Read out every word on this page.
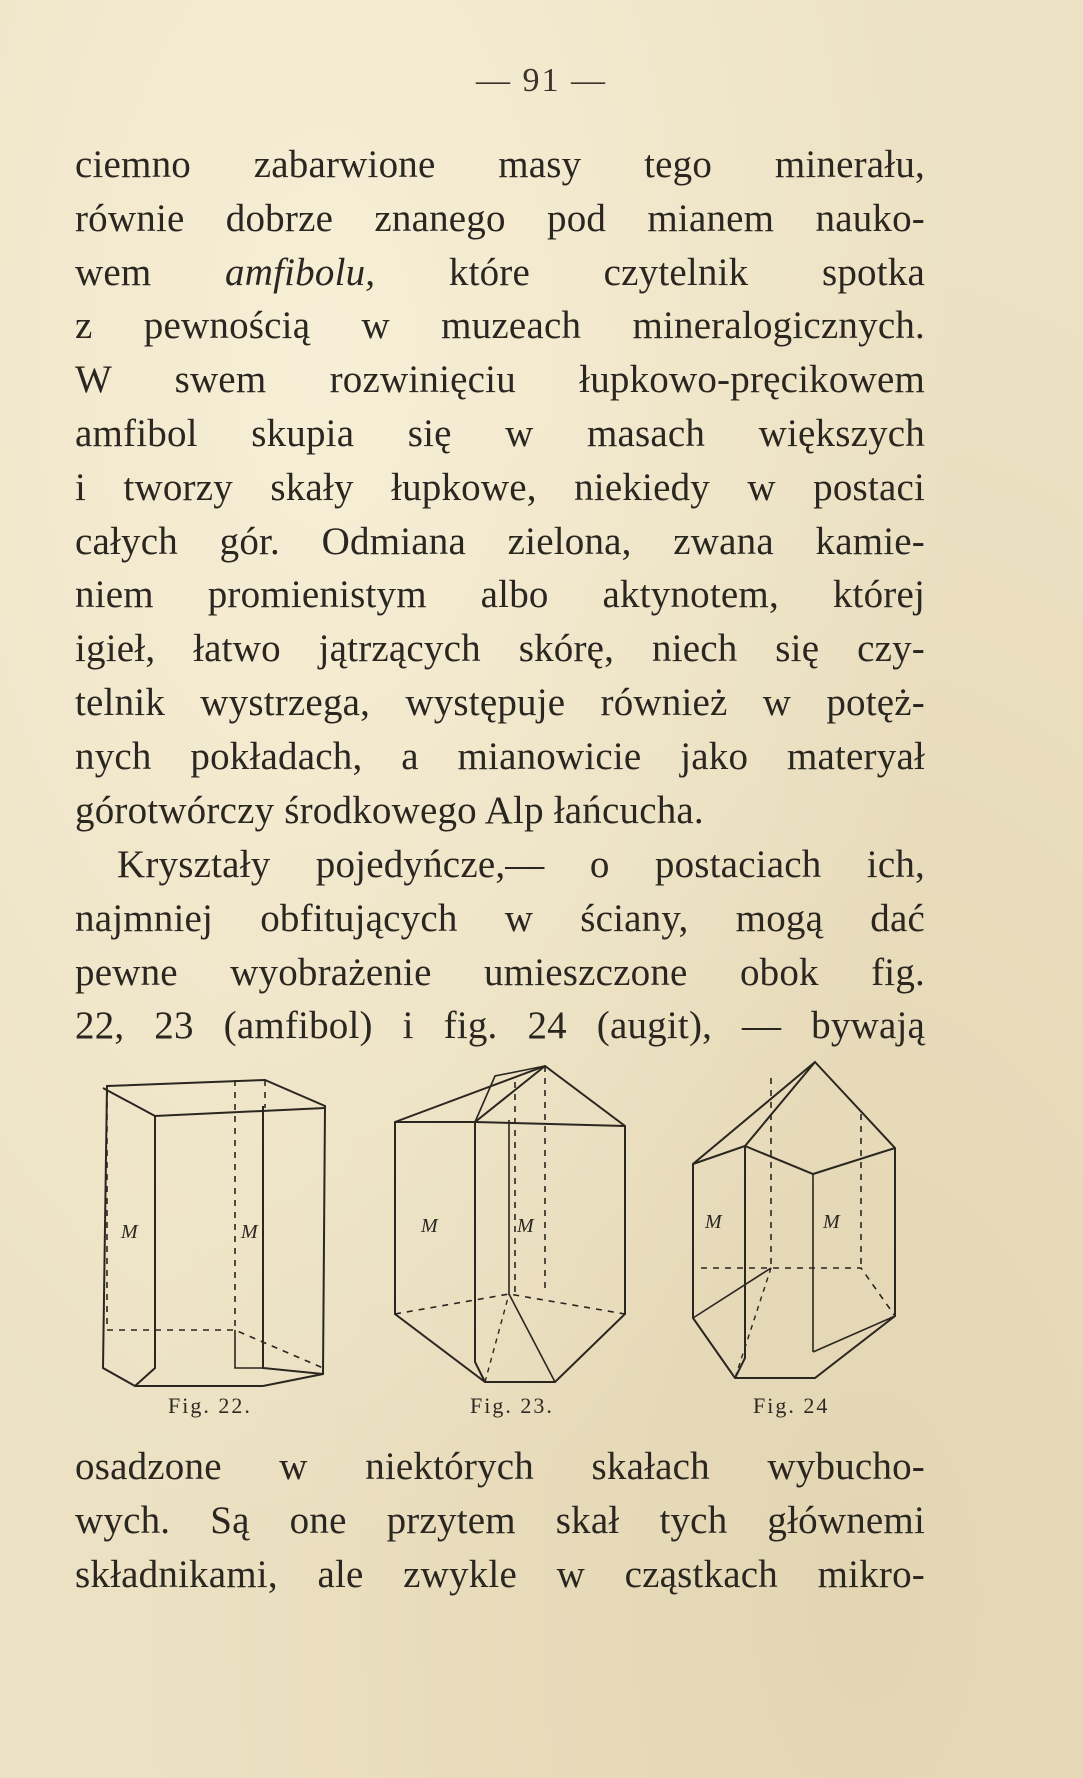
— 91 —
ciemno zabarwione masy tego minerału,
równie dobrze znanego pod mianem nauko-
wem amfibolu, które czytelnik spotka
z pewnością w muzeach mineralogicznych.
W swem rozwinięciu łupkowo-pręcikowem
amfibol skupia się w masach większych
i tworzy skały łupkowe, niekiedy w postaci
całych gór. Odmiana zielona, zwana kamie-
niem promienistym albo aktynotem, której
igieł, łatwo jątrzących skórę, niech się czy-
telnik wystrzega, występuje również w potęż-
nych pokładach, a mianowicie jako materyał
górotwórczy środkowego Alp łańcucha.
Kryształy pojedyńcze,— o postaciach ich,
najmniej obfitujących w ściany, mogą dać
pewne wyobrażenie umieszczone obok fig.
22, 23 (amfibol) i fig. 24 (augit), — bywają
M	M	M	M	M	M
Fig. 22.	Fig. 23.	Fig. 24
osadzone w niektórych skałach wybucho-
wych. Są one przytem skał tych głównemi
składnikami, ale zwykle w cząstkach mikro-
